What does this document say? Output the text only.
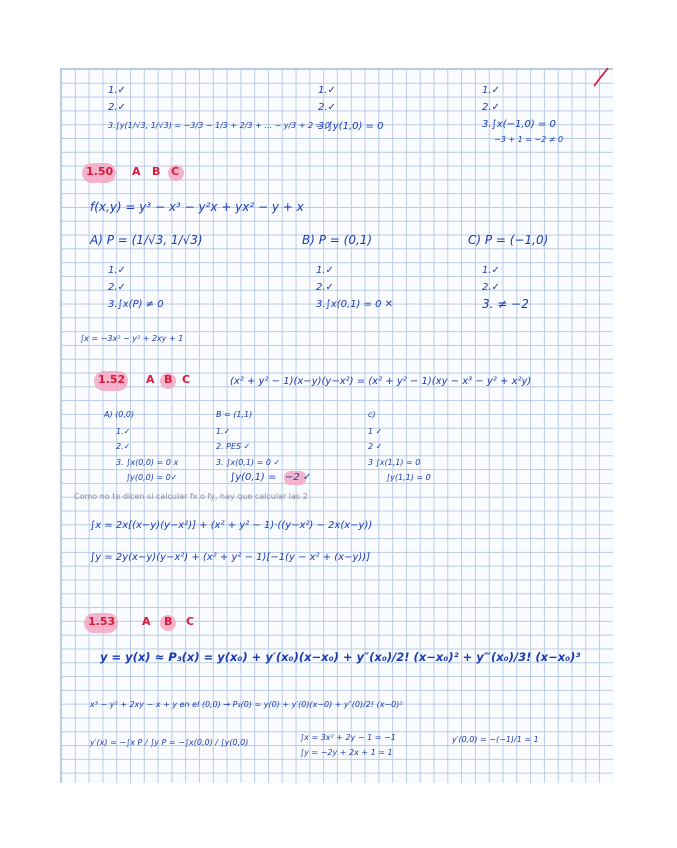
1.✓
2.✓
3.∫y(1/√3, 1/√3) = −3/3 − 1/3 + 2/3 + ... − y/3 + 2 = 0
1.✓
2.✓
3.∫y(1,0) = 0
1.✓
2.✓
3.∫x(−1,0) = 0
−3 + 1 = −2 ≠ 0
1.50 A B C
f(x,y) = y³ − x³ − y²x + yx² − y + x
A) P = (1/√3, 1/√3)	B) P = (0,1)	C) P = (−1,0)
1.✓
2.✓
3.∫x(P) ≠ 0
1.✓
2.✓
3.∫x(0,1) = 0 ✕
1.✓
2.✓
3. ≠ −2
∫x = −3x² − y² + 2xy + 1
1.52 A B C	(x² + y² − 1)(x−y)(y−x²) = (x² + y² − 1)(xy − x³ − y² + x²y)
A) (0,0)	B = (1,1)	c)
1.✓
2.✓
3. ∫x(0,0) = 0 x
∫y(0,0) = 0✓
1.✓
2. PES ✓
3. ∫x(0,1) = 0 ✓
∫y(0,1) = −2 ✓
1 ✓
2 ✓
3 ∫x(1,1) = 0
∫y(1,1) = 0
Como no te dicen si calcular fx o fy, hay que calcular las 2
∫x = 2x[(x−y)(y−x²)] + (x² + y² − 1)·((y−x²) − 2x(x−y))
∫y = 2y(x−y)(y−x²) + (x² + y² − 1)[−1(y − x² + (x−y))]
1.53 A B C
y = y(x) ≈ P₃(x) = y(x₀) + y′(x₀)(x−x₀) + y″(x₀)/2! (x−x₀)² + y‴(x₀)/3! (x−x₀)³
x³ − y² + 2xy − x + y en el (0,0) → P₃(0) = y(0) + y′(0)(x−0) + y″(0)/2! (x−0)²
y′(x) = −∫x P / ∫y P = −∫x(0,0) / ∫y(0,0)
∫x = 3x² + 2y − 1 = −1
∫y = −2y + 2x + 1 = 1
y′(0,0) = −(−1)/1 = 1
